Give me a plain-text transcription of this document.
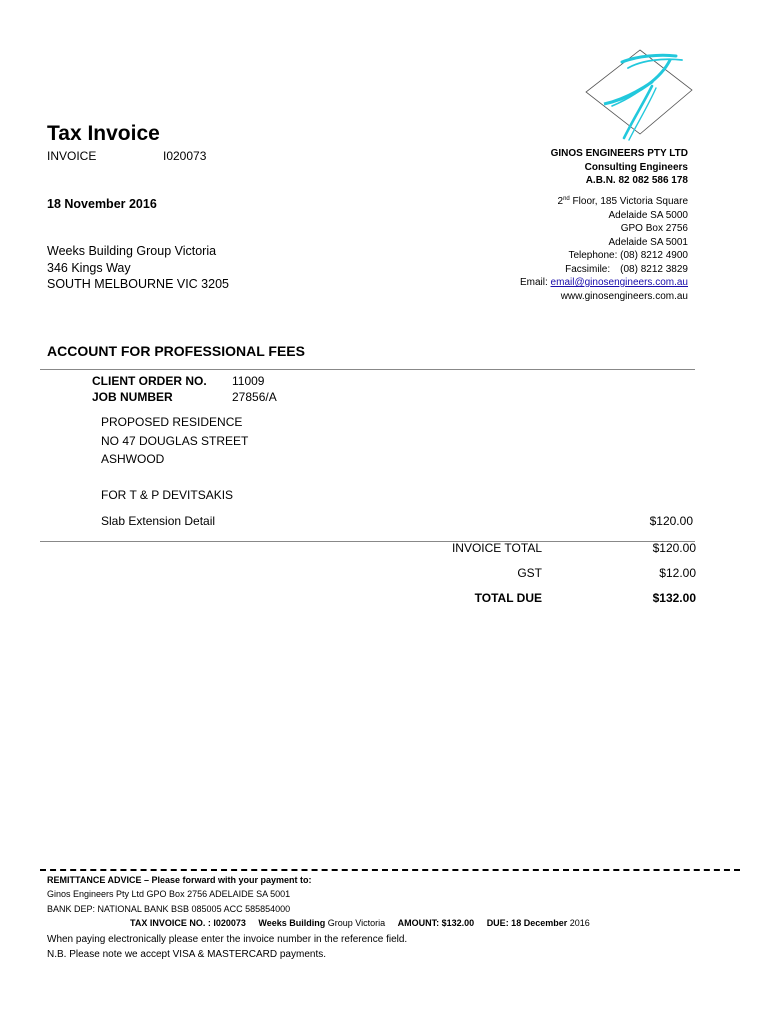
Tax Invoice
INVOICE	I020073
18 November 2016
Weeks Building Group Victoria
346 Kings Way
SOUTH MELBOURNE VIC 3205
GINOS ENGINEERS PTY LTD
Consulting Engineers
A.B.N. 82 082 586 178
2nd Floor, 185 Victoria Square
Adelaide SA 5000
GPO Box 2756
Adelaide SA 5001
Telephone: (08) 8212 4900
Facsimile: (08) 8212 3829
Email: email@ginosengineers.com.au
www.ginosengineers.com.au
ACCOUNT FOR PROFESSIONAL FEES
CLIENT ORDER NO. 11009
JOB NUMBER	27856/A
PROPOSED RESIDENCE
NO 47 DOUGLAS STREET
ASHWOOD
FOR T & P DEVITSAKIS
Slab Extension Detail	$120.00
INVOICE TOTAL	$120.00
GST	$12.00
TOTAL DUE	$132.00
REMITTANCE ADVICE – Please forward with your payment to:
Ginos Engineers Pty Ltd GPO Box 2756 ADELAIDE SA 5001
BANK DEP: NATIONAL BANK BSB 085005 ACC 585854000
TAX INVOICE NO. : I020073 Weeks Building Group Victoria AMOUNT: $132.00 DUE: 18 December 2016
When paying electronically please enter the invoice number in the reference field.
N.B. Please note we accept VISA & MASTERCARD payments.
